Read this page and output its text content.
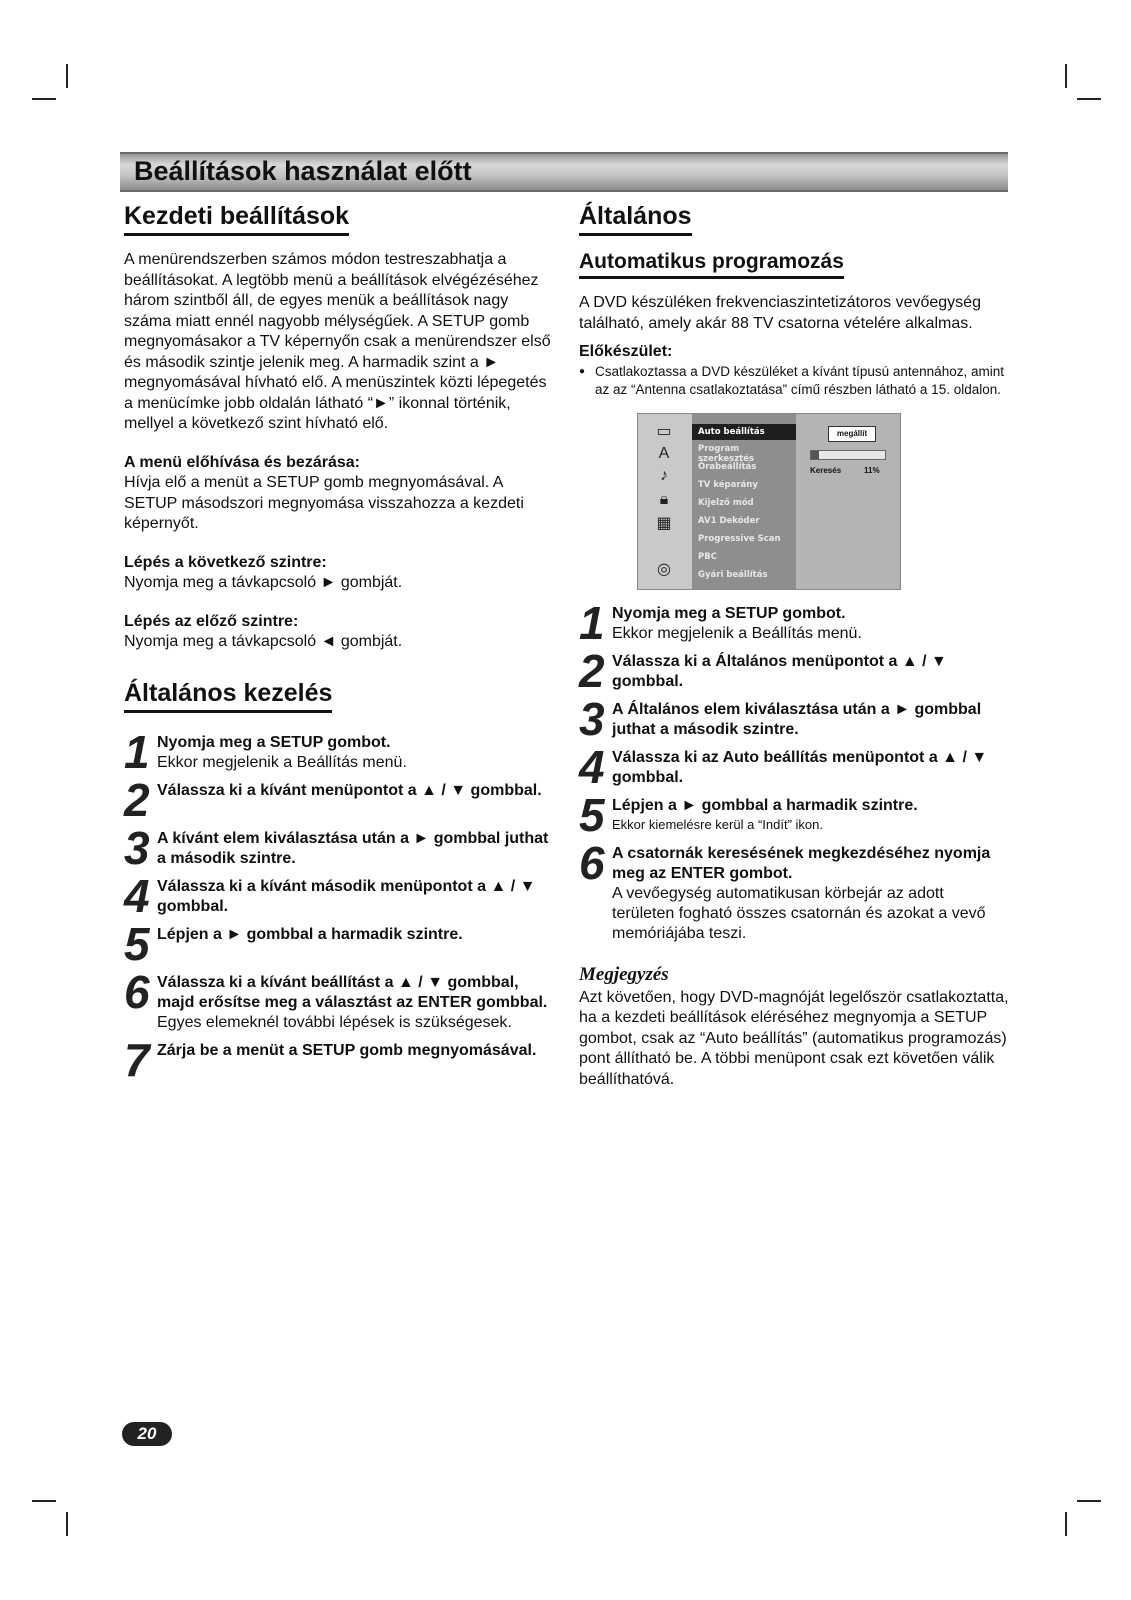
Beállítások használat előtt
Kezdeti beállítások

A menürendszerben számos módon testreszabhatja a beállításokat. A legtöbb menü a beállítások elvégézéséhez három szintből áll, de egyes menük a beállítások nagy száma miatt ennél nagyobb mélységűek. A SETUP gomb megnyomásakor a TV képernyőn csak a menürendszer első és második szintje jelenik meg. A harmadik szint a ► megnyomásával hívható elő. A menüszintek közti lépegetés a menücímke jobb oldalán látható “►” ikonnal történik, mellyel a következő szint hívható elő.

A menü előhívása és bezárása:

Hívja elő a menüt a SETUP gomb megnyomásával. A SETUP másodszori megnyomása visszahozza a kezdeti képernyőt.

Lépés a következő szintre:

Nyomja meg a távkapcsoló ► gombját.

Lépés az előző szintre:

Nyomja meg a távkapcsoló ◄ gombját.

Általános kezelés
1 Nyomja meg a SETUP gombot.
Ekkor megjelenik a Beállítás menü.
2 Válassza ki a kívánt menüpontot a ▲ / ▼ gombbal.
3 A kívánt elem kiválasztása után a ► gombbal juthat a második szintre.
4 Válassza ki a kívánt második menüpontot a ▲ / ▼ gombbal.
5 Lépjen a ► gombbal a harmadik szintre.
6 Válassza ki a kívánt beállítást a ▲ / ▼ gombbal, majd erősítse meg a választást az ENTER gombbal.
Egyes elemeknél további lépések is szükségesek.
7 Zárja be a menüt a SETUP gomb megnyomásával.
Általános
Automatikus programozás

A DVD készüléken frekvenciaszintetizátoros vevőegység található, amely akár 88 TV csatorna vételére alkalmas.

Előkészület:
● Csatlakoztassa a DVD készüléket a kívánt típusú antennához, amint az az “Antenna csatlakoztatása” című részben látható a 15. oldalon.
▭
A
♪
🔒︎
▦
◎
Auto beállítás
Program szerkesztés
Órabeállítás
TV képarány
Kijelző mód
AV1 Dekóder
Progressive Scan
PBC
Gyári beállítás
megállít
Keresés	11%
1 Nyomja meg a SETUP gombot.
Ekkor megjelenik a Beállítás menü.
2 Válassza ki a Általános menüpontot a ▲ / ▼ gombbal.
3 A Általános elem kiválasztása után a ► gombbal juthat a második szintre.
4 Válassza ki az Auto beállítás menüpontot a ▲ / ▼ gombbal.
5 Lépjen a ► gombbal a harmadik szintre.
Ekkor kiemelésre kerül a “Indít” ikon.
6 A csatornák keresésének megkezdéséhez nyomja meg az ENTER gombot.
A vevőegység automatikusan körbejár az adott területen fogható összes csatornán és azokat a vevő memóriájába teszi.
Megjegyzés

Azt követően, hogy DVD-magnóját legelőször csatlakoztatta, ha a kezdeti beállítások eléréséhez megnyomja a SETUP gombot, csak az “Auto beállítás” (automatikus programozás) pont állítható be. A többi menüpont csak ezt követően válik beállíthatóvá.

20
